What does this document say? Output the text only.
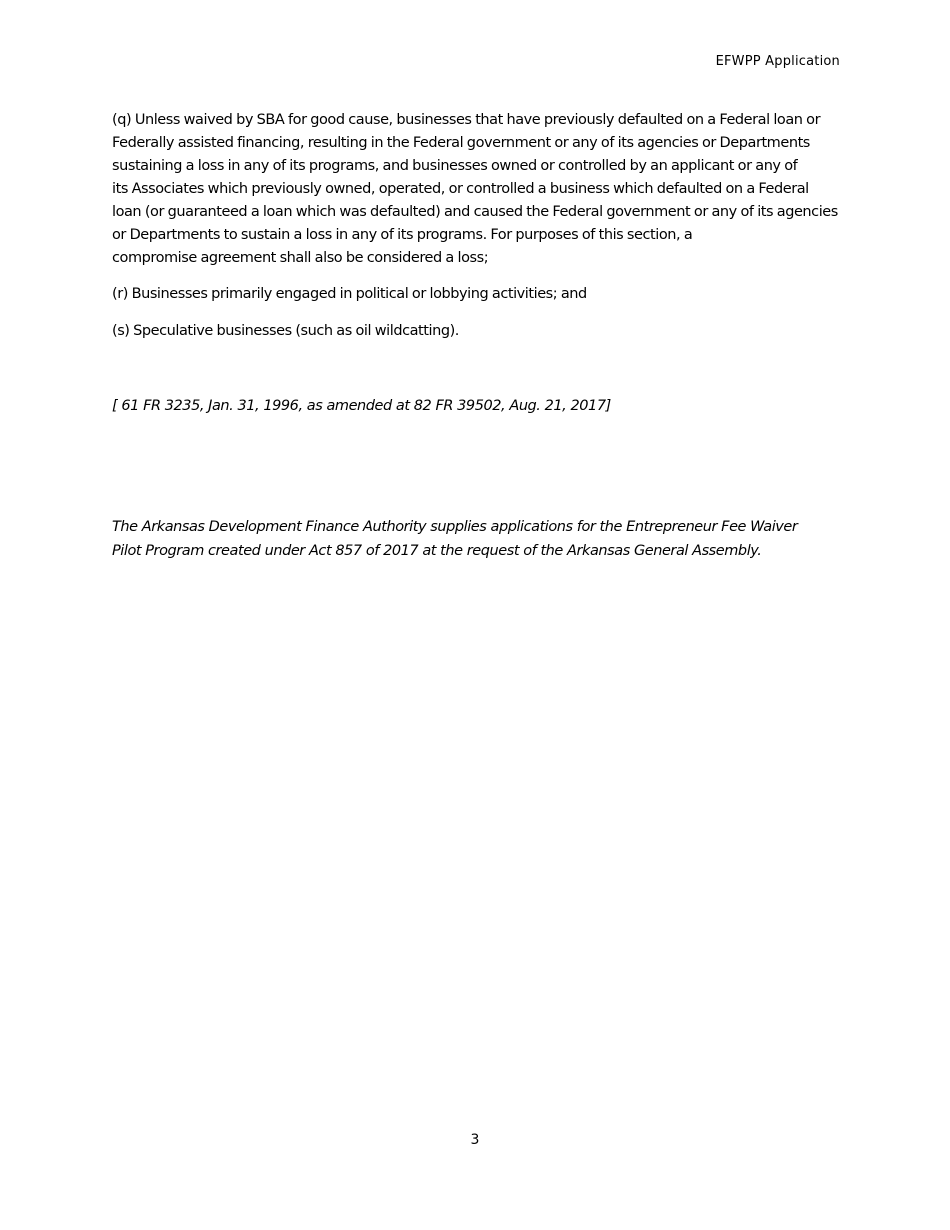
EFWPP Application
(q) Unless waived by SBA for good cause, businesses that have previously defaulted on a Federal loan or
Federally assisted financing, resulting in the Federal government or any of its agencies or Departments
sustaining a loss in any of its programs, and businesses owned or controlled by an applicant or any of
its Associates which previously owned, operated, or controlled a business which defaulted on a Federal
loan (or guaranteed a loan which was defaulted) and caused the Federal government or any of its agencies
or Departments to sustain a loss in any of its programs. For purposes of this section, a
compromise agreement shall also be considered a loss;
(r) Businesses primarily engaged in political or lobbying activities; and
(s) Speculative businesses (such as oil wildcatting).
[ 61 FR 3235, Jan. 31, 1996, as amended at 82 FR 39502, Aug. 21, 2017]
The Arkansas Development Finance Authority supplies applications for the Entrepreneur Fee Waiver
Pilot Program created under Act 857 of 2017 at the request of the Arkansas General Assembly.
3
